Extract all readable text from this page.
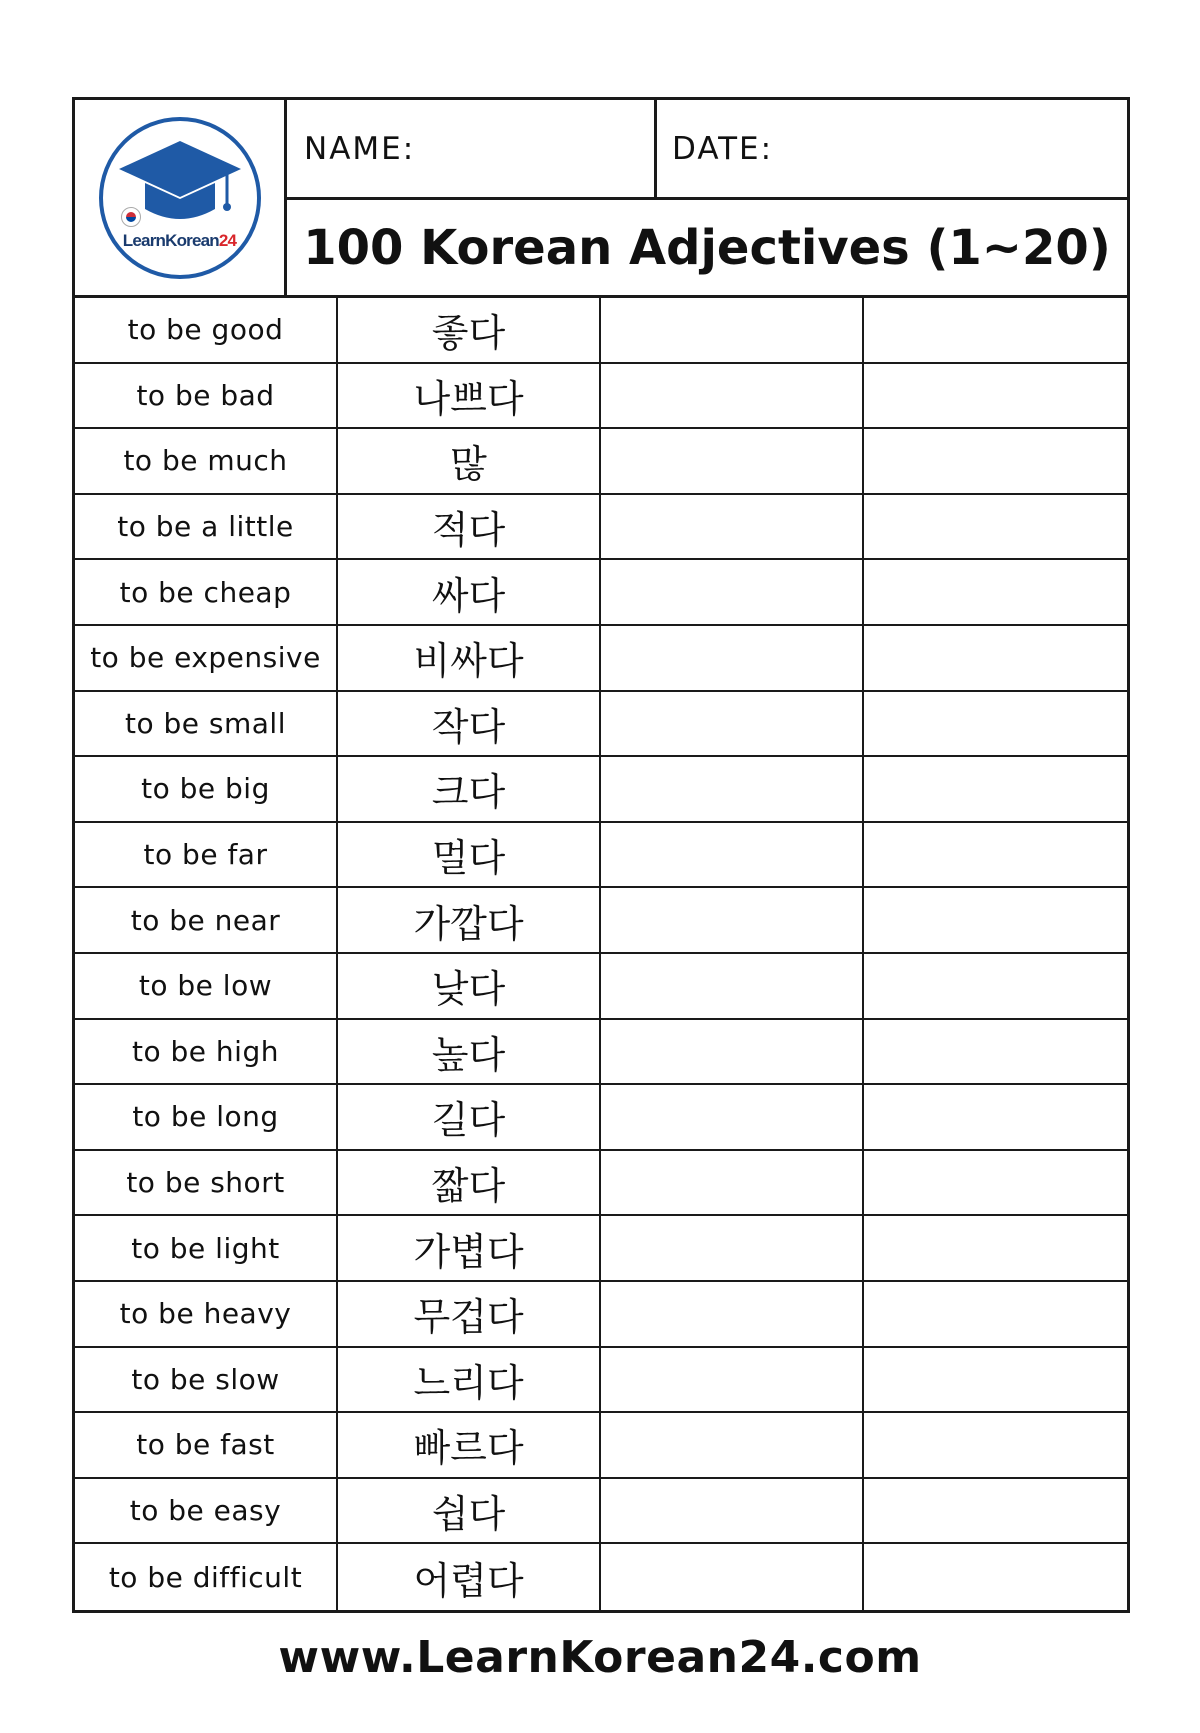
LearnKorean24
NAME:	DATE:
100 Korean Adjectives (1~20)
to be good	좋다
to be bad	나쁘다
to be much	많
to be a little	적다
to be cheap	싸다
to be expensive	비싸다
to be small	작다
to be big	크다
to be far	멀다
to be near	가깝다
to be low	낮다
to be high	높다
to be long	길다
to be short	짧다
to be light	가볍다
to be heavy	무겁다
to be slow	느리다
to be fast	빠르다
to be easy	쉽다
to be difficult	어렵다
www.LearnKorean24.com
